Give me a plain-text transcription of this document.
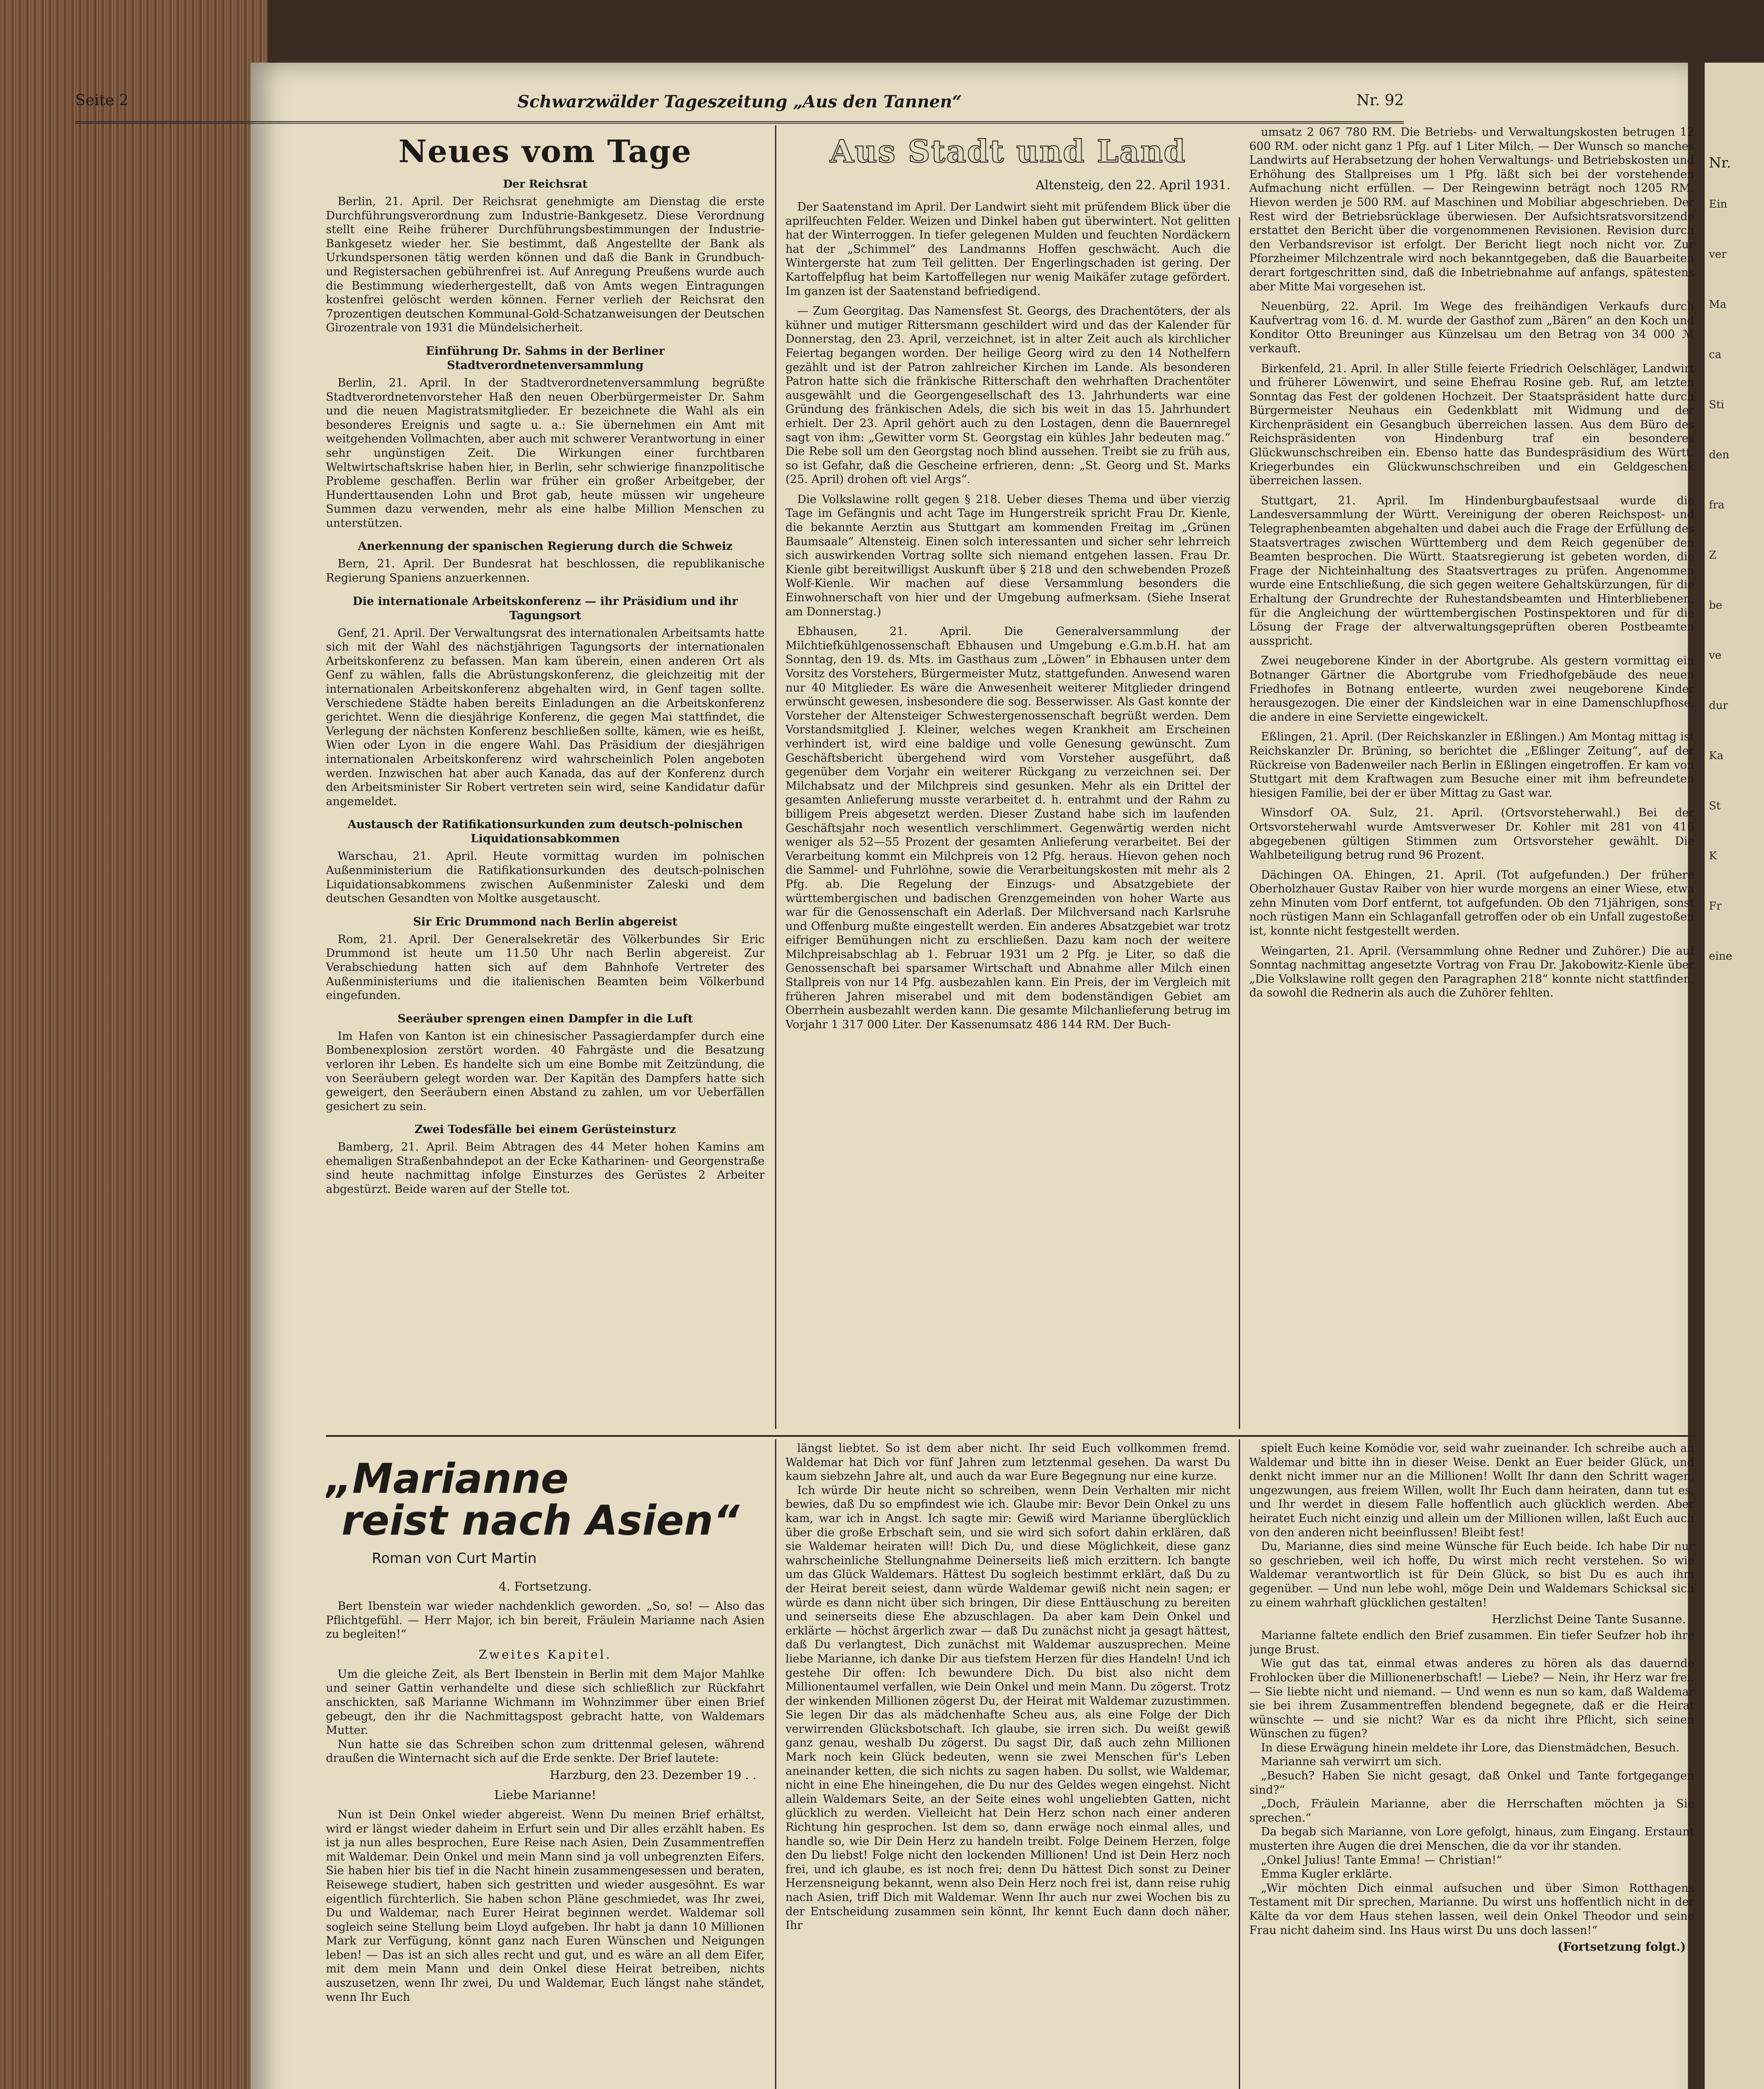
Nr.
Ein
ver
Ma
ca
Sti
den
fra
Z
be
ve
dur
Ka
St
K
Fr
eine
Seite 2	Schwarzwälder Tageszeitung „Aus den Tannen“	Nr. 92
Neues vom Tage
Der Reichsrat

Berlin, 21. April. Der Reichsrat genehmigte am Dienstag die erste Durchführungsverordnung zum Industrie-Bankgesetz. Diese Verordnung stellt eine Reihe früherer Durchführungsbestimmungen der Industrie-Bankgesetz wieder her. Sie bestimmt, daß Angestellte der Bank als Urkundspersonen tätig werden können und daß die Bank in Grundbuch- und Registersachen gebührenfrei ist. Auf Anregung Preußens wurde auch die Bestimmung wiederhergestellt, daß von Amts wegen Eintragungen kostenfrei gelöscht werden können. Ferner verlieh der Reichsrat den 7prozentigen deutschen Kommunal-Gold-Schatzanweisungen der Deutschen Girozentrale von 1931 die Mündelsicherheit.

Einführung Dr. Sahms in der Berliner Stadtverordnetenversammlung

Berlin, 21. April. In der Stadtverordnetenversammlung begrüßte Stadtverordnetenvorsteher Haß den neuen Oberbürgermeister Dr. Sahm und die neuen Magistratsmitglieder. Er bezeichnete die Wahl als ein besonderes Ereignis und sagte u. a.: Sie übernehmen ein Amt mit weitgehenden Vollmachten, aber auch mit schwerer Verantwortung in einer sehr ungünstigen Zeit. Die Wirkungen einer furchtbaren Weltwirtschaftskrise haben hier, in Berlin, sehr schwierige finanzpolitische Probleme geschaffen. Berlin war früher ein großer Arbeitgeber, der Hunderttausenden Lohn und Brot gab, heute müssen wir ungeheure Summen dazu verwenden, mehr als eine halbe Million Menschen zu unterstützen.

Anerkennung der spanischen Regierung durch die Schweiz

Bern, 21. April. Der Bundesrat hat beschlossen, die republikanische Regierung Spaniens anzuerkennen.

Die internationale Arbeitskonferenz — ihr Präsidium und ihr Tagungsort

Genf, 21. April. Der Verwaltungsrat des internationalen Arbeitsamts hatte sich mit der Wahl des nächstjährigen Tagungsorts der internationalen Arbeitskonferenz zu befassen. Man kam überein, einen anderen Ort als Genf zu wählen, falls die Abrüstungskonferenz, die gleichzeitig mit der internationalen Arbeitskonferenz abgehalten wird, in Genf tagen sollte. Verschiedene Städte haben bereits Einladungen an die Arbeitskonferenz gerichtet. Wenn die diesjährige Konferenz, die gegen Mai stattfindet, die Verlegung der nächsten Konferenz beschließen sollte, kämen, wie es heißt, Wien oder Lyon in die engere Wahl. Das Präsidium der diesjährigen internationalen Arbeitskonferenz wird wahrscheinlich Polen angeboten werden. Inzwischen hat aber auch Kanada, das auf der Konferenz durch den Arbeitsminister Sir Robert vertreten sein wird, seine Kandidatur dafür angemeldet.

Austausch der Ratifikationsurkunden zum deutsch-polnischen Liquidationsabkommen

Warschau, 21. April. Heute vormittag wurden im polnischen Außenministerium die Ratifikationsurkunden des deutsch-polnischen Liquidationsabkommens zwischen Außenminister Zaleski und dem deutschen Gesandten von Moltke ausgetauscht.

Sir Eric Drummond nach Berlin abgereist

Rom, 21. April. Der Generalsekretär des Völkerbundes Sir Eric Drummond ist heute um 11.50 Uhr nach Berlin abgereist. Zur Verabschiedung hatten sich auf dem Bahnhofe Vertreter des Außenministeriums und die italienischen Beamten beim Völkerbund eingefunden.

Seeräuber sprengen einen Dampfer in die Luft

Im Hafen von Kanton ist ein chinesischer Passagierdampfer durch eine Bombenexplosion zerstört worden. 40 Fahrgäste und die Besatzung verloren ihr Leben. Es handelte sich um eine Bombe mit Zeitzündung, die von Seeräubern gelegt worden war. Der Kapitän des Dampfers hatte sich geweigert, den Seeräubern einen Abstand zu zahlen, um vor Ueberfällen gesichert zu sein.

Zwei Todesfälle bei einem Gerüsteinsturz

Bamberg, 21. April. Beim Abtragen des 44 Meter hohen Kamins am ehemaligen Straßenbahndepot an der Ecke Katharinen- und Georgenstraße sind heute nachmittag infolge Einsturzes des Gerüstes 2 Arbeiter abgestürzt. Beide waren auf der Stelle tot.

Aus Stadt und Land
Altensteig, den 22. April 1931.

Der Saatenstand im April. Der Landwirt sieht mit prüfendem Blick über die aprilfeuchten Felder. Weizen und Dinkel haben gut überwintert. Not gelitten hat der Winterroggen. In tiefer gelegenen Mulden und feuchten Nordäckern hat der „Schimmel“ des Landmanns Hoffen geschwächt. Auch die Wintergerste hat zum Teil gelitten. Der Engerlingschaden ist gering. Der Kartoffelpflug hat beim Kartoffellegen nur wenig Maikäfer zutage gefördert. Im ganzen ist der Saatenstand befriedigend.

— Zum Georgitag. Das Namensfest St. Georgs, des Drachentöters, der als kühner und mutiger Rittersmann geschildert wird und das der Kalender für Donnerstag, den 23. April, verzeichnet, ist in alter Zeit auch als kirchlicher Feiertag begangen worden. Der heilige Georg wird zu den 14 Nothelfern gezählt und ist der Patron zahlreicher Kirchen im Lande. Als besonderen Patron hatte sich die fränkische Ritterschaft den wehrhaften Drachentöter ausgewählt und die Georgengesellschaft des 13. Jahrhunderts war eine Gründung des fränkischen Adels, die sich bis weit in das 15. Jahrhundert erhielt. Der 23. April gehört auch zu den Lostagen, denn die Bauernregel sagt von ihm: „Gewitter vorm St. Georgstag ein kühles Jahr bedeuten mag.“ Die Rebe soll um den Georgstag noch blind aussehen. Treibt sie zu früh aus, so ist Gefahr, daß die Gescheine erfrieren, denn: „St. Georg und St. Marks (25. April) drohen oft viel Args“.

Die Volkslawine rollt gegen § 218. Ueber dieses Thema und über vierzig Tage im Gefängnis und acht Tage im Hungerstreik spricht Frau Dr. Kienle, die bekannte Aerztin aus Stuttgart am kommenden Freitag im „Grünen Baumsaale“ Altensteig. Einen solch interessanten und sicher sehr lehrreich sich auswirkenden Vortrag sollte sich niemand entgehen lassen. Frau Dr. Kienle gibt bereitwilligst Auskunft über § 218 und den schwebenden Prozeß Wolf-Kienle. Wir machen auf diese Versammlung besonders die Einwohnerschaft von hier und der Umgebung aufmerksam. (Siehe Inserat am Donnerstag.)

Ebhausen, 21. April. Die Generalversammlung der Milchtiefkühlgenossenschaft Ebhausen und Umgebung e.G.m.b.H. hat am Sonntag, den 19. ds. Mts. im Gasthaus zum „Löwen“ in Ebhausen unter dem Vorsitz des Vorstehers, Bürgermeister Mutz, stattgefunden. Anwesend waren nur 40 Mitglieder. Es wäre die Anwesenheit weiterer Mitglieder dringend erwünscht gewesen, insbesondere die sog. Besserwisser. Als Gast konnte der Vorsteher der Altensteiger Schwestergenossenschaft begrüßt werden. Dem Vorstandsmitglied J. Kleiner, welches wegen Krankheit am Erscheinen verhindert ist, wird eine baldige und volle Genesung gewünscht. Zum Geschäftsbericht übergehend wird vom Vorsteher ausgeführt, daß gegenüber dem Vorjahr ein weiterer Rückgang zu verzeichnen sei. Der Milchabsatz und der Milchpreis sind gesunken. Mehr als ein Drittel der gesamten Anlieferung musste verarbeitet d. h. entrahmt und der Rahm zu billigem Preis abgesetzt werden. Dieser Zustand habe sich im laufenden Geschäftsjahr noch wesentlich verschlimmert. Gegenwärtig werden nicht weniger als 52—55 Prozent der gesamten Anlieferung verarbeitet. Bei der Verarbeitung kommt ein Milchpreis von 12 Pfg. heraus. Hievon gehen noch die Sammel- und Fuhrlöhne, sowie die Verarbeitungskosten mit mehr als 2 Pfg. ab. Die Regelung der Einzugs- und Absatzgebiete der württembergischen und badischen Grenzgemeinden von hoher Warte aus war für die Genossenschaft ein Aderlaß. Der Milchversand nach Karlsruhe und Offenburg mußte eingestellt werden. Ein anderes Absatzgebiet war trotz eifriger Bemühungen nicht zu erschließen. Dazu kam noch der weitere Milchpreisabschlag ab 1. Februar 1931 um 2 Pfg. je Liter, so daß die Genossenschaft bei sparsamer Wirtschaft und Abnahme aller Milch einen Stallpreis von nur 14 Pfg. ausbezahlen kann. Ein Preis, der im Vergleich mit früheren Jahren miserabel und mit dem bodenständigen Gebiet am Oberrhein ausbezahlt werden kann. Die gesamte Milchanlieferung betrug im Vorjahr 1 317 000 Liter. Der Kassenumsatz 486 144 RM. Der Buch-

umsatz 2 067 780 RM. Die Betriebs- und Verwaltungskosten betrugen 12 600 RM. oder nicht ganz 1 Pfg. auf 1 Liter Milch. — Der Wunsch so manches Landwirts auf Herabsetzung der hohen Verwaltungs- und Betriebskosten und Erhöhung des Stallpreises um 1 Pfg. läßt sich bei der vorstehenden Aufmachung nicht erfüllen. — Der Reingewinn beträgt noch 1205 RM. Hievon werden je 500 RM. auf Maschinen und Mobiliar abgeschrieben. Der Rest wird der Betriebsrücklage überwiesen. Der Aufsichtsratsvorsitzende erstattet den Bericht über die vorgenommenen Revisionen. Revision durch den Verbandsrevisor ist erfolgt. Der Bericht liegt noch nicht vor. Zur Pforzheimer Milchzentrale wird noch bekanntgegeben, daß die Bauarbeiten derart fortgeschritten sind, daß die Inbetriebnahme auf anfangs, spätestens aber Mitte Mai vorgesehen ist.

Neuenbürg, 22. April. Im Wege des freihändigen Verkaufs durch Kaufvertrag vom 16. d. M. wurde der Gasthof zum „Bären“ an den Koch und Konditor Otto Breuninger aus Künzelsau um den Betrag von 34 000 ℳ verkauft.

Birkenfeld, 21. April. In aller Stille feierte Friedrich Oelschläger, Landwirt und früherer Löwenwirt, und seine Ehefrau Rosine geb. Ruf, am letzten Sonntag das Fest der goldenen Hochzeit. Der Staatspräsident hatte durch Bürgermeister Neuhaus ein Gedenkblatt mit Widmung und der Kirchenpräsident ein Gesangbuch überreichen lassen. Aus dem Büro des Reichspräsidenten von Hindenburg traf ein besonderes Glückwunschschreiben ein. Ebenso hatte das Bundespräsidium des Württ. Kriegerbundes ein Glückwunschschreiben und ein Geldgeschenk überreichen lassen.

Stuttgart, 21. April. Im Hindenburgbaufestsaal wurde die Landesversammlung der Württ. Vereinigung der oberen Reichspost- und Telegraphenbeamten abgehalten und dabei auch die Frage der Erfüllung des Staatsvertrages zwischen Württemberg und dem Reich gegenüber den Beamten besprochen. Die Württ. Staatsregierung ist gebeten worden, die Frage der Nichteinhaltung des Staatsvertrages zu prüfen. Angenommen wurde eine Entschließung, die sich gegen weitere Gehaltskürzungen, für die Erhaltung der Grundrechte der Ruhestandsbeamten und Hinterbliebenen, für die Angleichung der württembergischen Postinspektoren und für die Lösung der Frage der altverwaltungsgeprüften oberen Postbeamten ausspricht.

Zwei neugeborene Kinder in der Abortgrube. Als gestern vormittag ein Botnanger Gärtner die Abortgrube vom Friedhofgebäude des neuen Friedhofes in Botnang entleerte, wurden zwei neugeborene Kinder herausgezogen. Die einer der Kindsleichen war in eine Damenschlupfhose, die andere in eine Serviette eingewickelt.

Eßlingen, 21. April. (Der Reichskanzler in Eßlingen.) Am Montag mittag ist Reichskanzler Dr. Brüning, so berichtet die „Eßlinger Zeitung“, auf der Rückreise von Badenweiler nach Berlin in Eßlingen eingetroffen. Er kam von Stuttgart mit dem Kraftwagen zum Besuche einer mit ihm befreundeten hiesigen Familie, bei der er über Mittag zu Gast war.

Winsdorf OA. Sulz, 21. April. (Ortsvorsteherwahl.) Bei der Ortsvorsteherwahl wurde Amtsverweser Dr. Kohler mit 281 von 416 abgegebenen gültigen Stimmen zum Ortsvorsteher gewählt. Die Wahlbeteiligung betrug rund 96 Prozent.

Dächingen OA. Ehingen, 21. April. (Tot aufgefunden.) Der frühere Oberholzhauer Gustav Raiber von hier wurde morgens an einer Wiese, etwa zehn Minuten vom Dorf entfernt, tot aufgefunden. Ob den 71jährigen, sonst noch rüstigen Mann ein Schlaganfall getroffen oder ob ein Unfall zugestoßen ist, konnte nicht festgestellt werden.

Weingarten, 21. April. (Versammlung ohne Redner und Zuhörer.) Die auf Sonntag nachmittag angesetzte Vortrag von Frau Dr. Jakobowitz-Kienle über „Die Volkslawine rollt gegen den Paragraphen 218“ konnte nicht stattfinden, da sowohl die Rednerin als auch die Zuhörer fehlten.

„Marianne
reist nach Asien“
Roman von Curt Martin
4. Fortsetzung.

Bert Ibenstein war wieder nachdenklich geworden. „So, so! — Also das Pflichtgefühl. — Herr Major, ich bin bereit, Fräulein Marianne nach Asien zu begleiten!“

Zweites Kapitel.

Um die gleiche Zeit, als Bert Ibenstein in Berlin mit dem Major Mahlke und seiner Gattin verhandelte und diese sich schließlich zur Rückfahrt anschickten, saß Marianne Wichmann im Wohnzimmer über einen Brief gebeugt, den ihr die Nachmittagspost gebracht hatte, von Waldemars Mutter.

Nun hatte sie das Schreiben schon zum drittenmal gelesen, während draußen die Winternacht sich auf die Erde senkte. Der Brief lautete:

Harzburg, den 23. Dezember 19 . .
Liebe Marianne!

Nun ist Dein Onkel wieder abgereist. Wenn Du meinen Brief erhältst, wird er längst wieder daheim in Erfurt sein und Dir alles erzählt haben. Es ist ja nun alles besprochen, Eure Reise nach Asien, Dein Zusammentreffen mit Waldemar. Dein Onkel und mein Mann sind ja voll unbegrenzten Eifers. Sie haben hier bis tief in die Nacht hinein zusammengesessen und beraten, Reisewege studiert, haben sich gestritten und wieder ausgesöhnt. Es war eigentlich fürchterlich. Sie haben schon Pläne geschmiedet, was Ihr zwei, Du und Waldemar, nach Eurer Heirat beginnen werdet. Waldemar soll sogleich seine Stellung beim Lloyd aufgeben. Ihr habt ja dann 10 Millionen Mark zur Verfügung, könnt ganz nach Euren Wünschen und Neigungen leben! — Das ist an sich alles recht und gut, und es wäre an all dem Eifer, mit dem mein Mann und dein Onkel diese Heirat betreiben, nichts auszusetzen, wenn Ihr zwei, Du und Waldemar, Euch längst nahe ständet, wenn Ihr Euch

längst liebtet. So ist dem aber nicht. Ihr seid Euch vollkommen fremd. Waldemar hat Dich vor fünf Jahren zum letztenmal gesehen. Da warst Du kaum siebzehn Jahre alt, und auch da war Eure Begegnung nur eine kurze.

Ich würde Dir heute nicht so schreiben, wenn Dein Verhalten mir nicht bewies, daß Du so empfindest wie ich. Glaube mir: Bevor Dein Onkel zu uns kam, war ich in Angst. Ich sagte mir: Gewiß wird Marianne überglücklich über die große Erbschaft sein, und sie wird sich sofort dahin erklären, daß sie Waldemar heiraten will! Dich Du, und diese Möglichkeit, diese ganz wahrscheinliche Stellungnahme Deinerseits ließ mich erzittern. Ich bangte um das Glück Waldemars. Hättest Du sogleich bestimmt erklärt, daß Du zu der Heirat bereit seiest, dann würde Waldemar gewiß nicht nein sagen; er würde es dann nicht über sich bringen, Dir diese Enttäuschung zu bereiten und seinerseits diese Ehe abzuschlagen. Da aber kam Dein Onkel und erklärte — höchst ärgerlich zwar — daß Du zunächst nicht ja gesagt hättest, daß Du verlangtest, Dich zunächst mit Waldemar auszusprechen. Meine liebe Marianne, ich danke Dir aus tiefstem Herzen für dies Handeln! Und ich gestehe Dir offen: Ich bewundere Dich. Du bist also nicht dem Millionentaumel verfallen, wie Dein Onkel und mein Mann. Du zögerst. Trotz der winkenden Millionen zögerst Du, der Heirat mit Waldemar zuzustimmen. Sie legen Dir das als mädchenhafte Scheu aus, als eine Folge der Dich verwirrenden Glücksbotschaft. Ich glaube, sie irren sich. Du weißt gewiß ganz genau, weshalb Du zögerst. Du sagst Dir, daß auch zehn Millionen Mark noch kein Glück bedeuten, wenn sie zwei Menschen für's Leben aneinander ketten, die sich nichts zu sagen haben. Du sollst, wie Waldemar, nicht in eine Ehe hineingehen, die Du nur des Geldes wegen eingehst. Nicht allein Waldemars Seite, an der Seite eines wohl ungeliebten Gatten, nicht glücklich zu werden. Vielleicht hat Dein Herz schon nach einer anderen Richtung hin gesprochen. Ist dem so, dann erwäge noch einmal alles, und handle so, wie Dir Dein Herz zu handeln treibt. Folge Deinem Herzen, folge den Du liebst! Folge nicht den lockenden Millionen! Und ist Dein Herz noch frei, und ich glaube, es ist noch frei; denn Du hättest Dich sonst zu Deiner Herzensneigung bekannt, wenn also Dein Herz noch frei ist, dann reise ruhig nach Asien, triff Dich mit Waldemar. Wenn Ihr auch nur zwei Wochen bis zu der Entscheidung zusammen sein könnt, Ihr kennt Euch dann doch näher, Ihr

spielt Euch keine Komödie vor, seid wahr zueinander. Ich schreibe auch an Waldemar und bitte ihn in dieser Weise. Denkt an Euer beider Glück, und denkt nicht immer nur an die Millionen! Wollt Ihr dann den Schritt wagen, ungezwungen, aus freiem Willen, wollt Ihr Euch dann heiraten, dann tut es, und Ihr werdet in diesem Falle hoffentlich auch glücklich werden. Aber heiratet Euch nicht einzig und allein um der Millionen willen, laßt Euch auch von den anderen nicht beeinflussen! Bleibt fest!

Du, Marianne, dies sind meine Wünsche für Euch beide. Ich habe Dir nur so geschrieben, weil ich hoffe, Du wirst mich recht verstehen. So wie Waldemar verantwortlich ist für Dein Glück, so bist Du es auch ihm gegenüber. — Und nun lebe wohl, möge Dein und Waldemars Schicksal sich zu einem wahrhaft glücklichen gestalten!

Herzlichst Deine Tante Susanne.

Marianne faltete endlich den Brief zusammen. Ein tiefer Seufzer hob ihre junge Brust.

Wie gut das tat, einmal etwas anderes zu hören als das dauernde Frohlocken über die Millionenerbschaft! — Liebe? — Nein, ihr Herz war frei. — Sie liebte nicht und niemand. — Und wenn es nun so kam, daß Waldemar sie bei ihrem Zusammentreffen blendend begegnete, daß er die Heirat wünschte — und sie nicht? War es da nicht ihre Pflicht, sich seinen Wünschen zu fügen?

In diese Erwägung hinein meldete ihr Lore, das Dienstmädchen, Besuch.

Marianne sah verwirrt um sich.

„Besuch? Haben Sie nicht gesagt, daß Onkel und Tante fortgegangen sind?“

„Doch, Fräulein Marianne, aber die Herrschaften möchten ja Sie sprechen.“

Da begab sich Marianne, von Lore gefolgt, hinaus, zum Eingang. Erstaunt musterten ihre Augen die drei Menschen, die da vor ihr standen.

„Onkel Julius! Tante Emma! — Christian!“

Emma Kugler erklärte.

„Wir möchten Dich einmal aufsuchen und über Simon Rotthagens Testament mit Dir sprechen, Marianne. Du wirst uns hoffentlich nicht in der Kälte da vor dem Haus stehen lassen, weil dein Onkel Theodor und seine Frau nicht daheim sind. Ins Haus wirst Du uns doch lassen!“

(Fortsetzung folgt.)
